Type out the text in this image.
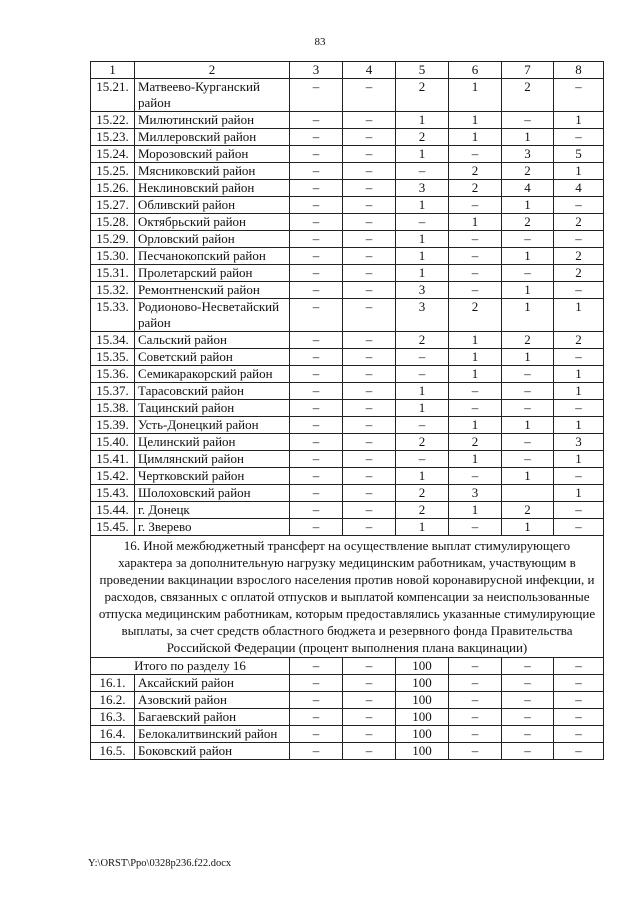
83
1	2	3	4	5	6	7	8
15.21.	Матвеево-Курганский район	–	–	2	1	2	–
15.22.	Милютинский район	–	–	1	1	–	1
15.23.	Миллеровский район	–	–	2	1	1	–
15.24.	Морозовский район	–	–	1	–	3	5
15.25.	Мясниковский район	–	–	–	2	2	1
15.26.	Неклиновский район	–	–	3	2	4	4
15.27.	Обливский район	–	–	1	–	1	–
15.28.	Октябрьский район	–	–	–	1	2	2
15.29.	Орловский район	–	–	1	–	–	–
15.30.	Песчанокопский район	–	–	1	–	1	2
15.31.	Пролетарский район	–	–	1	–	–	2
15.32.	Ремонтненский район	–	–	3	–	1	–
15.33.	Родионово-Несветайский район	–	–	3	2	1	1
15.34.	Сальский район	–	–	2	1	2	2
15.35.	Советский район	–	–	–	1	1	–
15.36.	Семикаракорский район	–	–	–	1	–	1
15.37.	Тарасовский район	–	–	1	–	–	1
15.38.	Тацинский район	–	–	1	–	–	–
15.39.	Усть-Донецкий район	–	–	–	1	1	1
15.40.	Целинский район	–	–	2	2	–	3
15.41.	Цимлянский район	–	–	–	1	–	1
15.42.	Чертковский район	–	–	1	–	1	–
15.43.	Шолоховский район	–	–	2	3		1
15.44.	г. Донецк	–	–	2	1	2	–
15.45.	г. Зверево	–	–	1	–	1	–
16. Иной межбюджетный трансферт на осуществление выплат стимулирующего характера за дополнительную нагрузку медицинским работникам, участвующим в проведении вакцинации взрослого населения против новой коронавирусной инфекции, и расходов, связанных с оплатой отпусков и выплатой компенсации за неиспользованные отпуска медицинским работникам, которым предоставлялись указанные стимулирующие выплаты, за счет средств областного бюджета и резервного фонда Правительства Российской Федерации (процент выполнения плана вакцинации)							
Итого по разделу 16		–	–	100	–	–	–
16.1.	Аксайский район	–	–	100	–	–	–
16.2.	Азовский район	–	–	100	–	–	–
16.3.	Багаевский район	–	–	100	–	–	–
16.4.	Белокалитвинский район	–	–	100	–	–	–
16.5.	Боковский район	–	–	100	–	–	–
Y:\ORST\Ppo\0328p236.f22.docx
